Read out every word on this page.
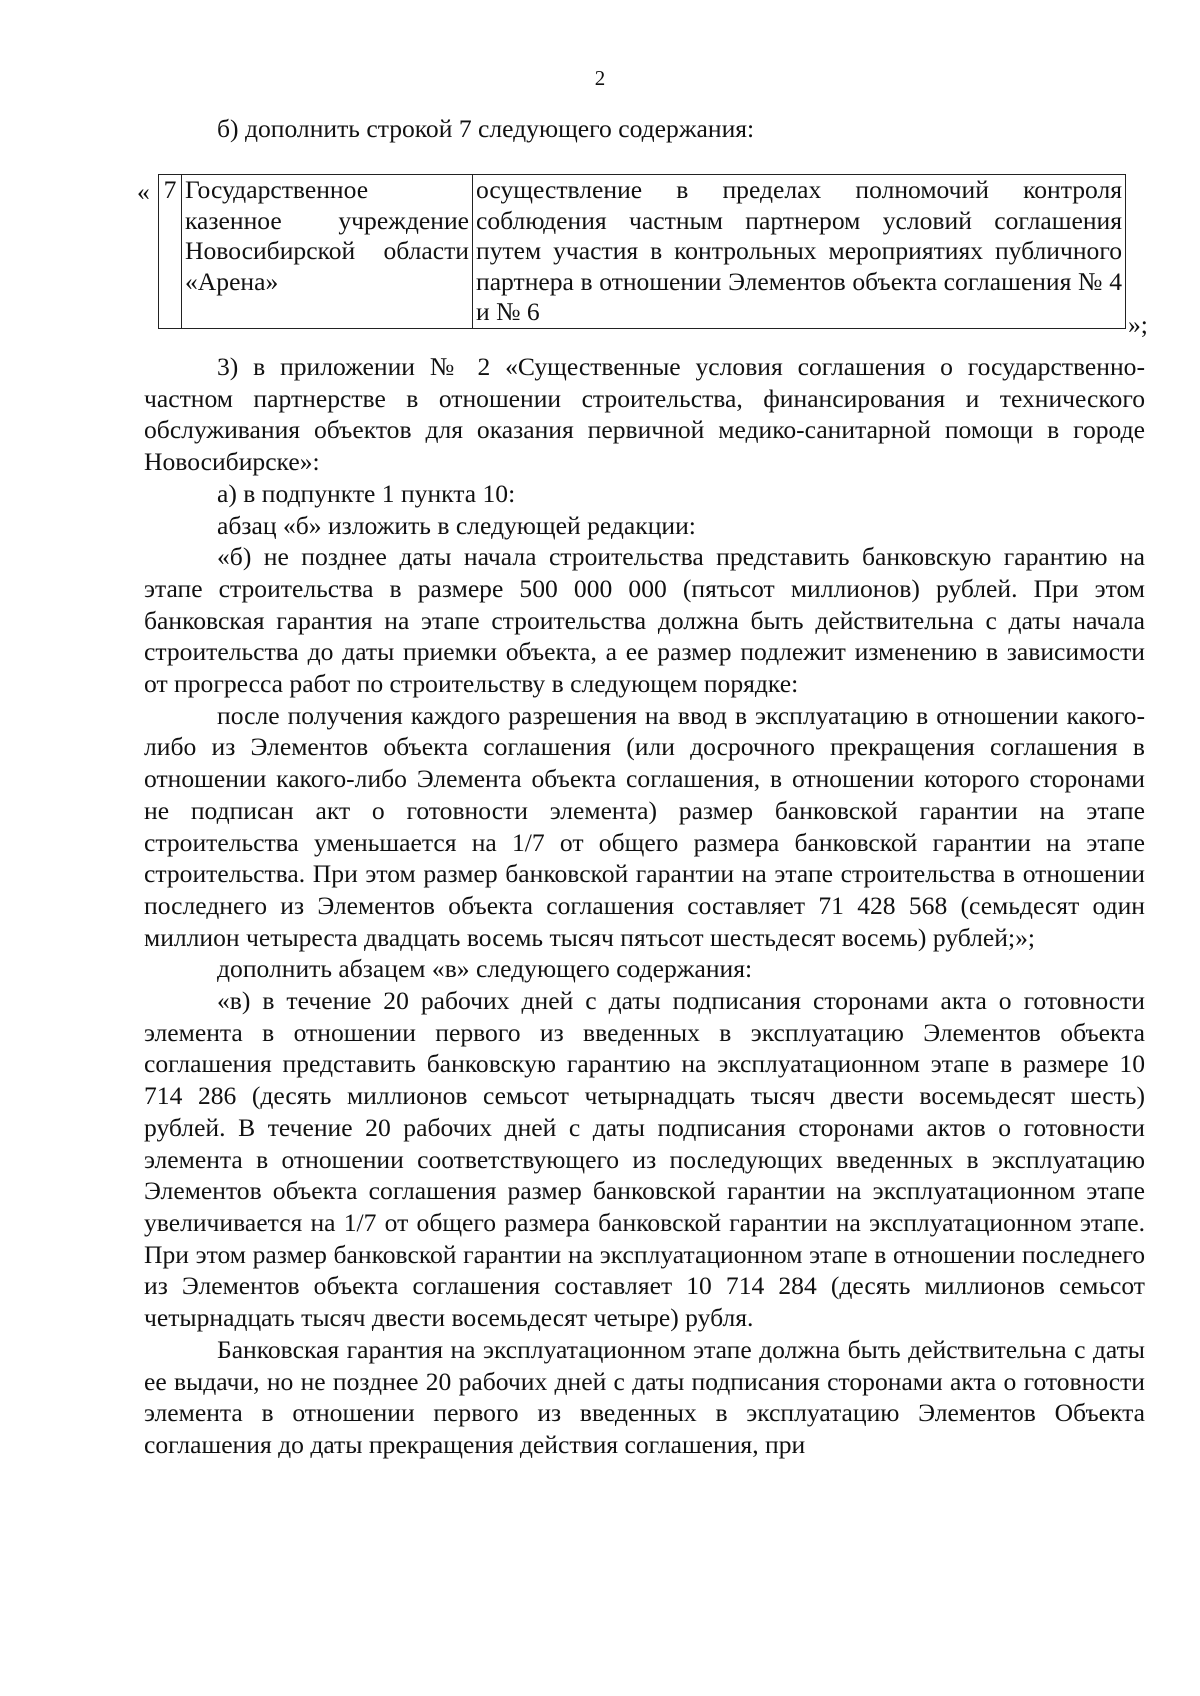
2
б) дополнить строкой 7 следующего содержания:
« 7	Государственное казенное учреждение Новосибирской области «Арена»	осуществление в пределах полномочий контроля соблюдения частным партнером условий соглашения путем участия в контрольных мероприятиях публичного партнера в отношении Элементов объекта соглашения № 4 и № 6	»;

3) в приложении № 2 «Существенные условия соглашения о государственно-частном партнерстве в отношении строительства, финансирования и технического обслуживания объектов для оказания первичной медико-санитарной помощи в городе Новосибирске»:

а) в подпункте 1 пункта 10:

абзац «б» изложить в следующей редакции:

«б) не позднее даты начала строительства представить банковскую гарантию на этапе строительства в размере 500 000 000 (пятьсот миллионов) рублей. При этом банковская гарантия на этапе строительства должна быть действительна с даты начала строительства до даты приемки объекта, а ее размер подлежит изменению в зависимости от прогресса работ по строительству в следующем порядке:

после получения каждого разрешения на ввод в эксплуатацию в отношении какого-либо из Элементов объекта соглашения (или досрочного прекращения соглашения в отношении какого-либо Элемента объекта соглашения, в отношении которого сторонами не подписан акт о готовности элемента) размер банковской гарантии на этапе строительства уменьшается на 1/7 от общего размера банковской гарантии на этапе строительства. При этом размер банковской гарантии на этапе строительства в отношении последнего из Элементов объекта соглашения составляет 71 428 568 (семьдесят один миллион четыреста двадцать восемь тысяч пятьсот шестьдесят восемь) рублей;»;

дополнить абзацем «в» следующего содержания:

«в) в течение 20 рабочих дней с даты подписания сторонами акта о готовности элемента в отношении первого из введенных в эксплуатацию Элементов объекта соглашения представить банковскую гарантию на эксплуатационном этапе в размере 10 714 286 (десять миллионов семьсот четырнадцать тысяч двести восемьдесят шесть) рублей. В течение 20 рабочих дней с даты подписания сторонами актов о готовности элемента в отношении соответствующего из последующих введенных в эксплуатацию Элементов объекта соглашения размер банковской гарантии на эксплуатационном этапе увеличивается на 1/7 от общего размера банковской гарантии на эксплуатационном этапе. При этом размер банковской гарантии на эксплуатационном этапе в отношении последнего из Элементов объекта соглашения составляет 10 714 284 (десять миллионов семьсот четырнадцать тысяч двести восемьдесят четыре) рубля.

Банковская гарантия на эксплуатационном этапе должна быть действительна с даты ее выдачи, но не позднее 20 рабочих дней с даты подписания сторонами акта о готовности элемента в отношении первого из введенных в эксплуатацию Элементов Объекта соглашения до даты прекращения действия соглашения, при
